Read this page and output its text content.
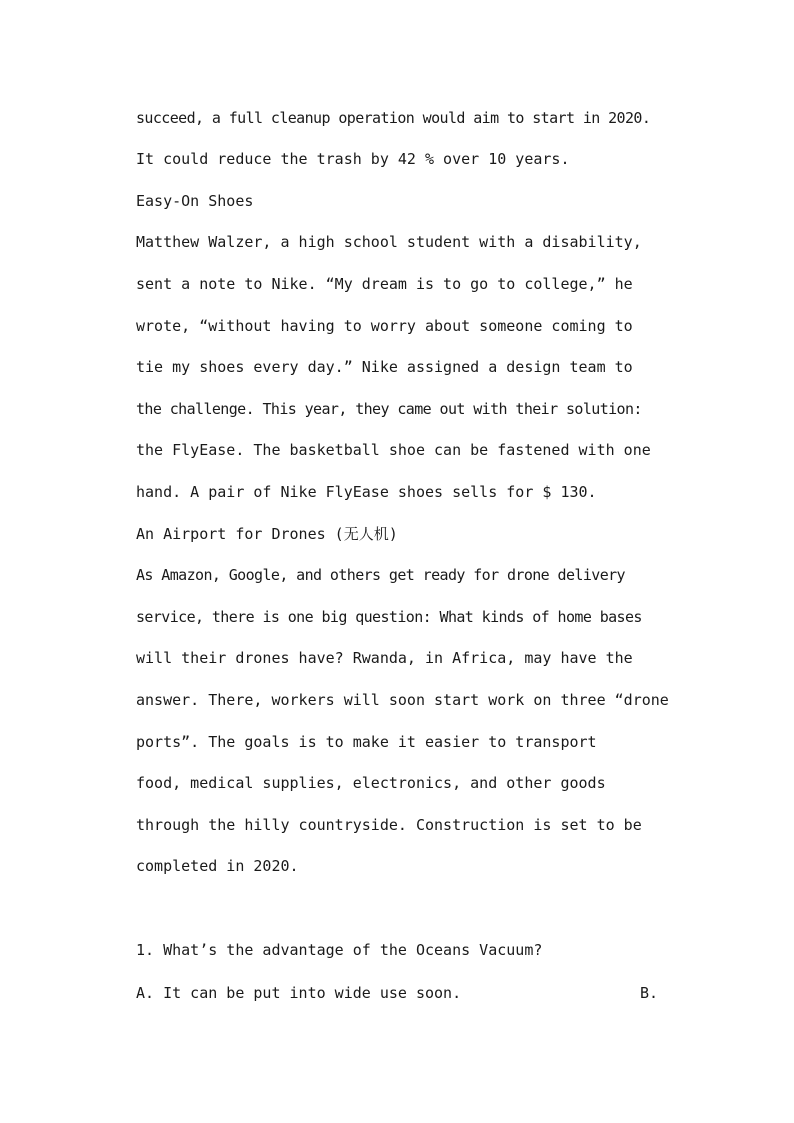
succeed, a full cleanup operation would aim to start in 2020.
It could reduce the trash by 42 % over 10 years.
Easy-On Shoes
Matthew Walzer, a high school student with a disability,
sent a note to Nike. “My dream is to go to college,” he
wrote, “without having to worry about someone coming to
tie my shoes every day.” Nike assigned a design team to
the challenge. This year, they came out with their solution:
the FlyEase. The basketball shoe can be fastened with one
hand. A pair of Nike FlyEase shoes sells for $ 130.
An Airport for Drones (无人机)
As Amazon, Google, and others get ready for drone delivery
service, there is one big question: What kinds of home bases
will their drones have? Rwanda, in Africa, may have the
answer. There, workers will soon start work on three “drone
ports”. The goals is to make it easier to transport
food, medical supplies, electronics, and other goods
through the hilly countryside. Construction is set to be
completed in 2020.
1. What’s the advantage of the Oceans Vacuum?
A. It can be put into wide use soon.	B.
